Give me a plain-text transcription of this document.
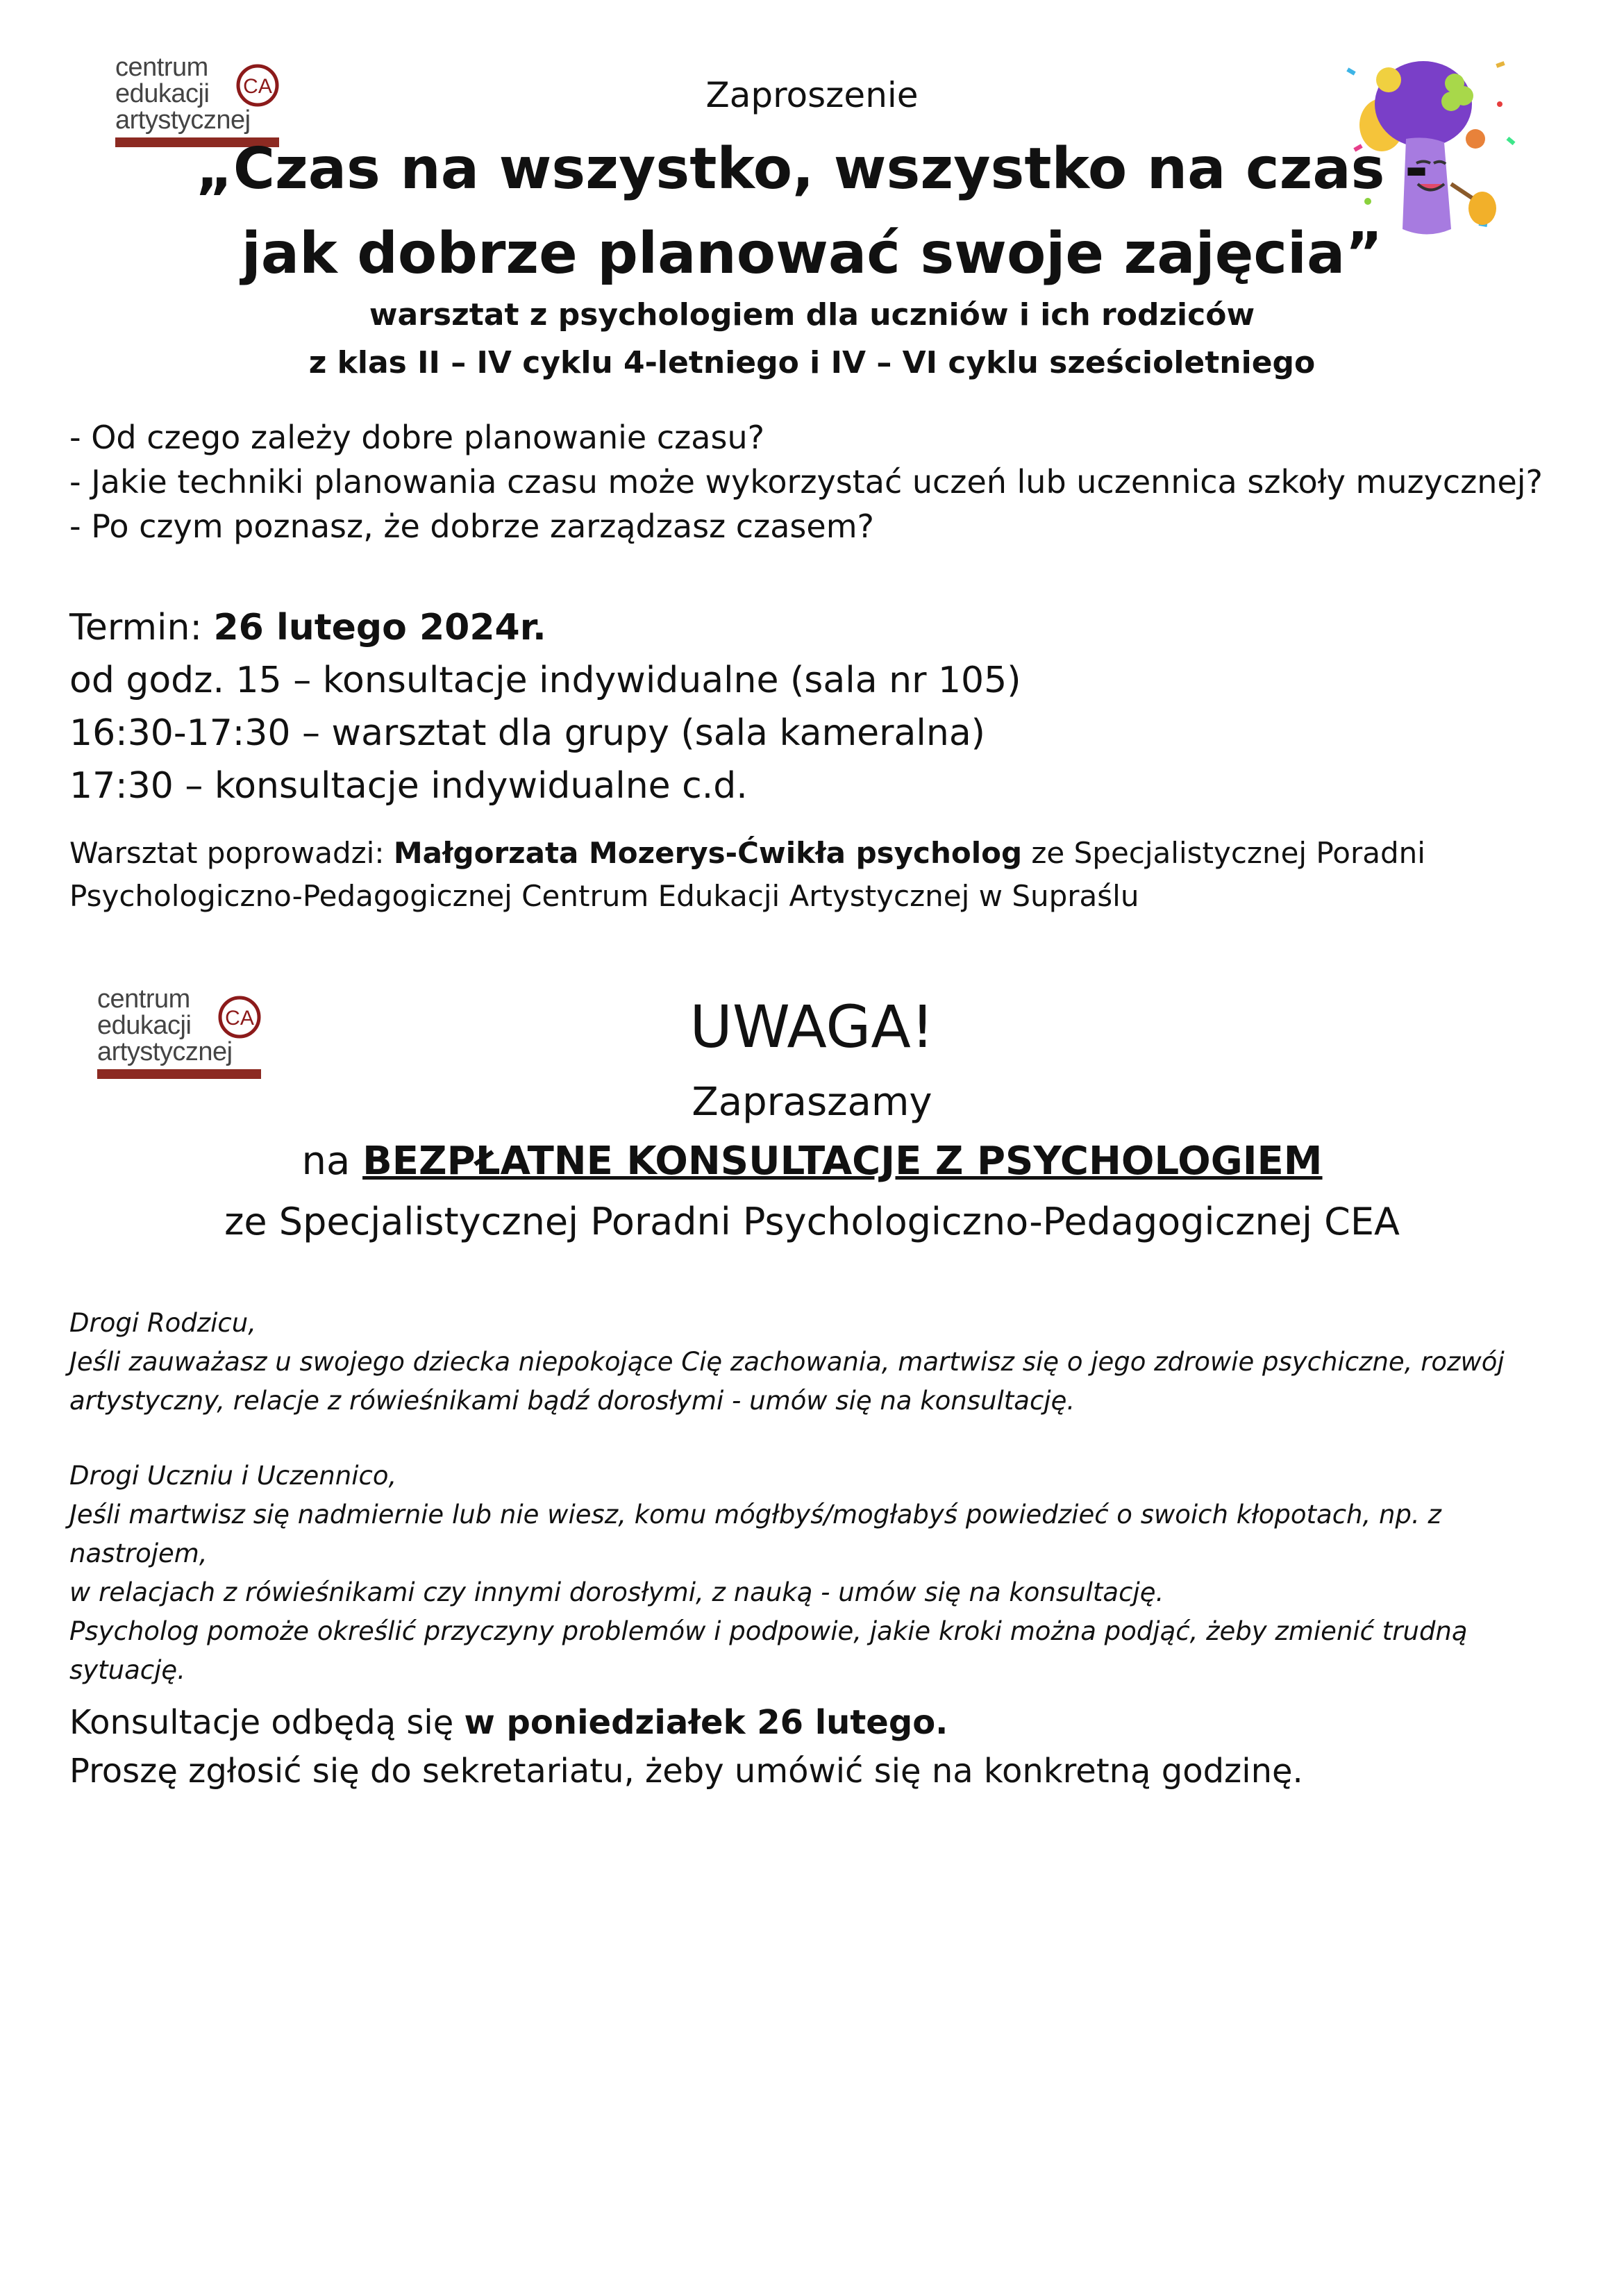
centrum
edukacji
artystycznej
CA	Zaproszenie
„Czas na wszystko, wszystko na czas -
jak dobrze planować swoje zajęcia”
warsztat z psychologiem dla uczniów i ich rodziców
z klas II – IV cyklu 4-letniego i IV – VI cyklu sześcioletniego
- Od czego zależy dobre planowanie czasu?
- Jakie techniki planowania czasu może wykorzystać uczeń lub uczennica szkoły muzycznej?
- Po czym poznasz, że dobrze zarządzasz czasem?
Termin: 26 lutego 2024r.
od godz. 15 – konsultacje indywidualne (sala nr 105)
16:30-17:30 – warsztat dla grupy (sala kameralna)
17:30 – konsultacje indywidualne c.d.
Warsztat poprowadzi: Małgorzata Mozerys-Ćwikła psycholog ze Specjalistycznej Poradni
Psychologiczno-Pedagogicznej Centrum Edukacji Artystycznej w Supraślu
centrum
edukacji
artystycznej
CA	UWAGA!
Zapraszamy
na BEZPŁATNE KONSULTACJE Z PSYCHOLOGIEM
ze Specjalistycznej Poradni Psychologiczno-Pedagogicznej CEA
Drogi Rodzicu,
Jeśli zauważasz u swojego dziecka niepokojące Cię zachowania, martwisz się o jego zdrowie psychiczne, rozwój
artystyczny, relacje z rówieśnikami bądź dorosłymi - umów się na konsultację.
Drogi Uczniu i Uczennico,
Jeśli martwisz się nadmiernie lub nie wiesz, komu mógłbyś/mogłabyś powiedzieć o swoich kłopotach, np. z nastrojem,
w relacjach z rówieśnikami czy innymi dorosłymi, z nauką - umów się na konsultację.
Psycholog pomoże określić przyczyny problemów i podpowie, jakie kroki można podjąć, żeby zmienić trudną sytuację.
Konsultacje odbędą się w poniedziałek 26 lutego.
Proszę zgłosić się do sekretariatu, żeby umówić się na konkretną godzinę.
